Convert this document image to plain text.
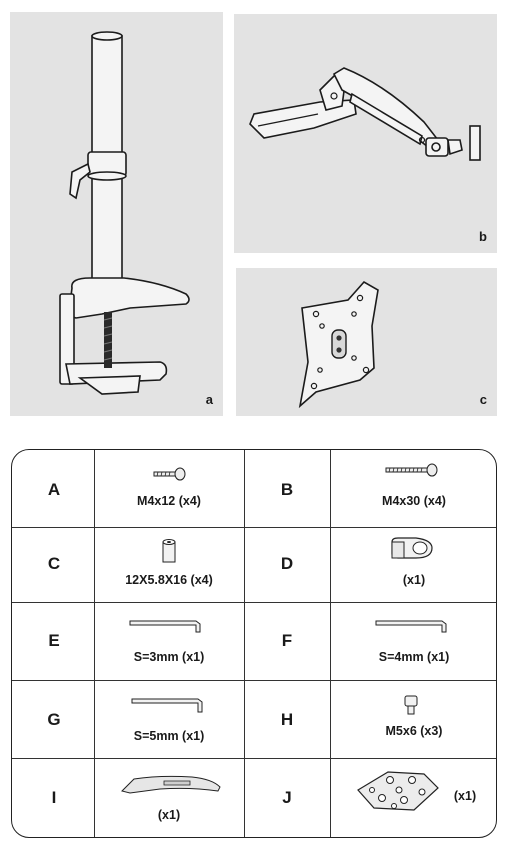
a
b
c
A
M4x12 (x4)
B
M4x30 (x4)
C
12X5.8X16 (x4)
D
(x1)
E
S=3mm (x1)
F
S=4mm (x1)
G
S=5mm (x1)
H
M5x6 (x3)
I
(x1)
J	(x1)
